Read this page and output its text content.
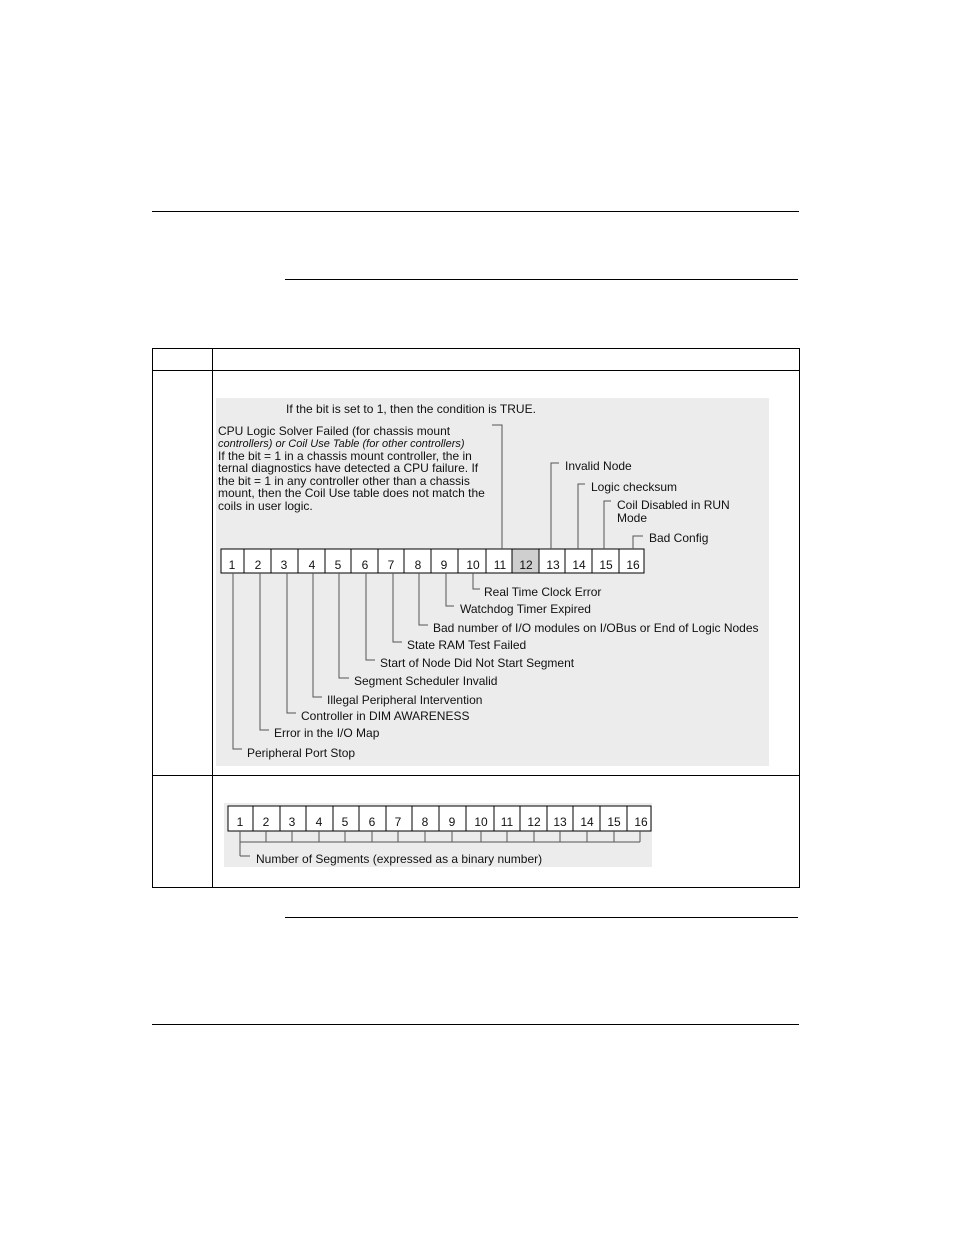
If the bit is set to 1, then the condition is TRUE.
CPU Logic Solver Failed (for chassis mount
controllers) or Coil Use Table (for other controllers)
If the bit = 1 in a chassis mount controller, the in
ternal diagnostics have detected a CPU failure. If
the bit = 1 in any controller other than a chassis
mount, then the Coil Use table does not match the
coils in user logic.
Invalid Node
Logic checksum
Coil Disabled in RUN
Mode
Bad Config
1 2 3 4 5 6 7 8 9 10 11 12 13 14 15 16
Real Time Clock Error
Watchdog Timer Expired
Bad number of I/O modules on I/OBus or End of Logic Nodes
State RAM Test Failed
Start of Node Did Not Start Segment
Segment Scheduler Invalid
Illegal Peripheral Intervention
Controller in DIM AWARENESS
Error in the I/O Map
Peripheral Port Stop
1 2 3 4 5 6 7 8 9 10 11 12 13 14 15 16
Number of Segments (expressed as a binary number)
